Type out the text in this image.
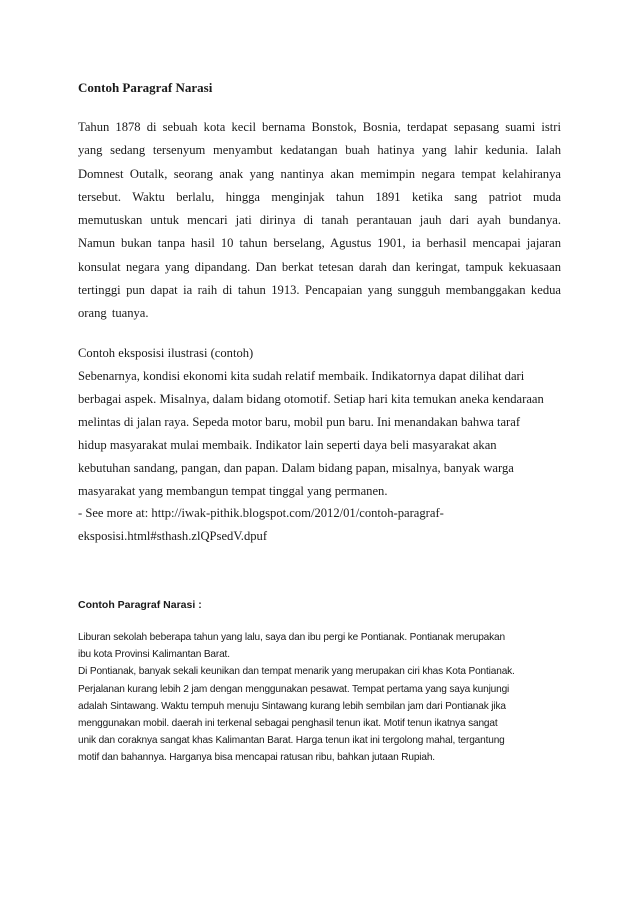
Contoh Paragraf Narasi
Tahun 1878 di sebuah kota kecil bernama Bonstok, Bosnia, terdapat sepasang suami istri yang sedang tersenyum menyambut kedatangan buah hatinya yang lahir kedunia. Ialah Domnest Outalk, seorang anak yang nantinya akan memimpin negara tempat kelahiranya tersebut. Waktu berlalu, hingga menginjak tahun 1891 ketika sang patriot muda memutuskan untuk mencari jati dirinya di tanah perantauan jauh dari ayah bundanya. Namun bukan tanpa hasil 10 tahun berselang, Agustus 1901, ia berhasil mencapai jajaran konsulat negara yang dipandang. Dan berkat tetesan darah dan keringat, tampuk kekuasaan tertinggi pun dapat ia raih di tahun 1913. Pencapaian yang sungguh membanggakan kedua orang tuanya.
Contoh eksposisi ilustrasi (contoh)
Sebenarnya, kondisi ekonomi kita sudah relatif membaik. Indikatornya dapat dilihat dari
berbagai aspek. Misalnya, dalam bidang otomotif. Setiap hari kita temukan aneka kendaraan
melintas di jalan raya. Sepeda motor baru, mobil pun baru. Ini menandakan bahwa taraf
hidup masyarakat mulai membaik. Indikator lain seperti daya beli masyarakat akan
kebutuhan sandang, pangan, dan papan. Dalam bidang papan, misalnya, banyak warga
masyarakat yang membangun tempat tinggal yang permanen.
- See more at: http://iwak-pithik.blogspot.com/2012/01/contoh-paragraf-
eksposisi.html#sthash.zlQPsedV.dpuf
Contoh Paragraf Narasi :
Liburan sekolah beberapa tahun yang lalu, saya dan ibu pergi ke Pontianak. Pontianak merupakan
ibu kota Provinsi Kalimantan Barat.
Di Pontianak, banyak sekali keunikan dan tempat menarik yang merupakan ciri khas Kota Pontianak.
Perjalanan kurang lebih 2 jam dengan menggunakan pesawat. Tempat pertama yang saya kunjungi
adalah Sintawang. Waktu tempuh menuju Sintawang kurang lebih sembilan jam dari Pontianak jika
menggunakan mobil. daerah ini terkenal sebagai penghasil tenun ikat. Motif tenun ikatnya sangat
unik dan coraknya sangat khas Kalimantan Barat. Harga tenun ikat ini tergolong mahal, tergantung
motif dan bahannya. Harganya bisa mencapai ratusan ribu, bahkan jutaan Rupiah.
